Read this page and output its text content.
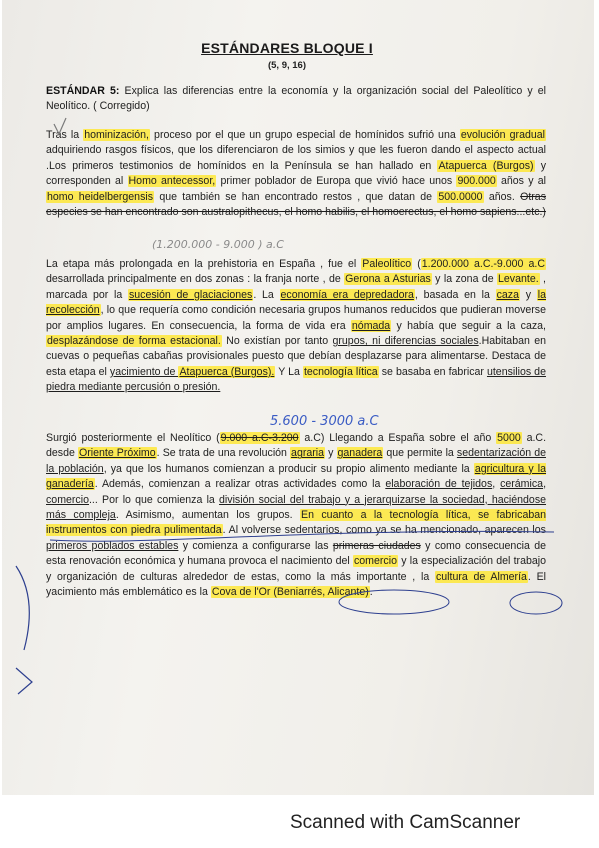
ESTÁNDARES BLOQUE I
(5, 9, 16)
ESTÁNDAR 5: Explica las diferencias entre la economía y la organización social del Paleolítico y el Neolítico. ( Corregido)
Tras la hominización, proceso por el que un grupo especial de homínidos sufrió una evolución gradual adquiriendo rasgos físicos, que los diferenciaron de los simios y que les fueron dando el aspecto actual .Los primeros testimonios de homínidos en la Península se han hallado en Atapuerca (Burgos) y corresponden al Homo antecessor, primer poblador de Europa que vivió hace unos 900.000 años y al homo heidelbergensis que también se han encontrado restos , que datan de 500.0000 años. Otras especies se han encontrado son australopithecus, el homo habilis, el homoerectus, el homo sapiens...etc.)
(1.200.000 - 9.000 ) a.C
La etapa más prolongada en la prehistoria en España , fue el Paleolítico (1.200.000 a.C.-9.000 a.C desarrollada principalmente en dos zonas : la franja norte , de Gerona a Asturias y la zona de Levante. , marcada por la sucesión de glaciaciones. La economía era depredadora, basada en la caza y la recolección, lo que requería como condición necesaria grupos humanos reducidos que pudieran moverse por amplios lugares. En consecuencia, la forma de vida era nómada y había que seguir a la caza, desplazándose de forma estacional. No existían por tanto grupos, ni diferencias sociales.Habitaban en cuevas o pequeñas cabañas provisionales puesto que debían desplazarse para alimentarse. Destaca de esta etapa el yacimiento de Atapuerca (Burgos). Y La tecnología lítica se basaba en fabricar utensilios de piedra mediante percusión o presión.
5.600 - 3000 a.C
Surgió posteriormente el Neolítico (9.000 a.C-3.200 a.C) Llegando a España sobre el año 5000 a.C. desde Oriente Próximo. Se trata de una revolución agraria y ganadera que permite la sedentarización de la población, ya que los humanos comienzan a producir su propio alimento mediante la agricultura y la ganadería. Además, comienzan a realizar otras actividades como la elaboración de tejidos, cerámica, comercio... Por lo que comienza la división social del trabajo y a jerarquizarse la sociedad, haciéndose más compleja. Asimismo, aumentan los grupos. En cuanto a la tecnología lítica, se fabricaban instrumentos con piedra pulimentada. Al volverse sedentarios, como ya se ha mencionado, aparecen los primeros poblados estables y comienza a configurarse las primeras ciudades y como consecuencia de esta renovación económica y humana provoca el nacimiento del comercio y la especialización del trabajo y organización de culturas alrededor de estas, como la más importante , la cultura de Almería. El yacimiento más emblemático es la Cova de l'Or (Beniarrés, Alicante).
Scanned with CamScanner
